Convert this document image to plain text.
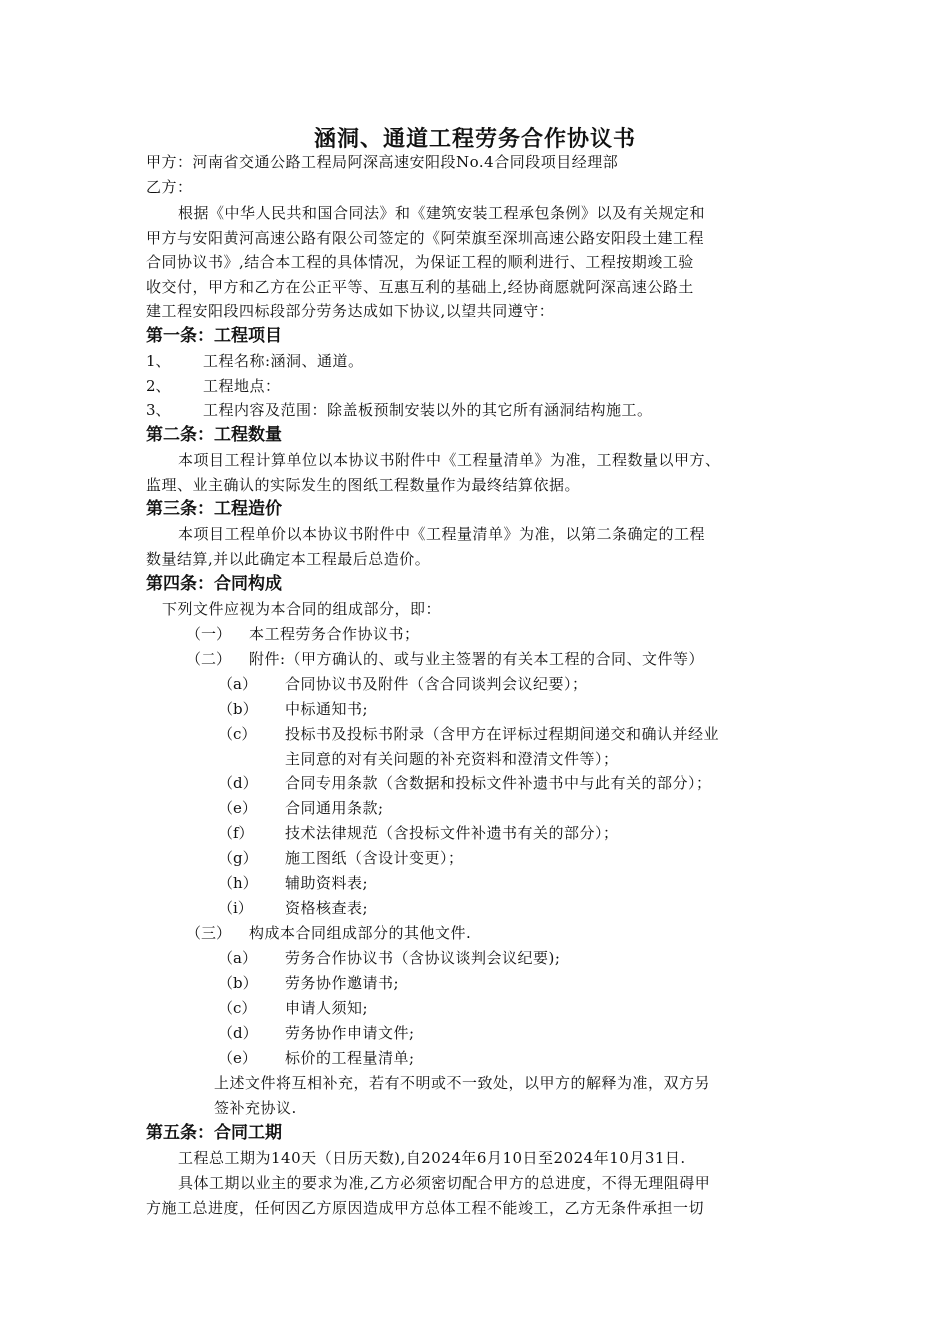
涵洞、通道工程劳务合作协议书
甲方：河南省交通公路工程局阿深高速安阳段No.4合同段项目经理部
乙方：
根据《中华人民共和国合同法》和《建筑安装工程承包条例》以及有关规定和
甲方与安阳黄河高速公路有限公司签定的《阿荣旗至深圳高速公路安阳段土建工程
合同协议书》,结合本工程的具体情况，为保证工程的顺利进行、工程按期竣工验
收交付，甲方和乙方在公正平等、互惠互利的基础上,经协商愿就阿深高速公路土
建工程安阳段四标段部分劳务达成如下协议,以望共同遵守：
第一条：工程项目
1、 工程名称:涵洞、通道。
2、 工程地点：
3、 工程内容及范围：除盖板预制安装以外的其它所有涵洞结构施工。
第二条：工程数量
本项目工程计算单位以本协议书附件中《工程量清单》为准，工程数量以甲方、
监理、业主确认的实际发生的图纸工程数量作为最终结算依据。
第三条：工程造价
本项目工程单价以本协议书附件中《工程量清单》为准，以第二条确定的工程
数量结算,并以此确定本工程最后总造价。
第四条：合同构成
下列文件应视为本合同的组成部分，即：
（一） 本工程劳务合作协议书；
（二） 附件:（甲方确认的、或与业主签署的有关本工程的合同、文件等）
（a） 合同协议书及附件（含合同谈判会议纪要）；
（b） 中标通知书;
（c） 投标书及投标书附录（含甲方在评标过程期间递交和确认并经业
主同意的对有关问题的补充资料和澄清文件等）；
（d） 合同专用条款（含数据和投标文件补遗书中与此有关的部分）；
（e） 合同通用条款;
（f） 技术法律规范（含投标文件补遗书有关的部分）；
（g） 施工图纸（含设计变更）；
（h） 辅助资料表;
（i） 资格核查表;
（三） 构成本合同组成部分的其他文件.
（a） 劳务合作协议书（含协议谈判会议纪要);
（b） 劳务协作邀请书;
（c） 申请人须知;
（d） 劳务协作申请文件;
（e） 标价的工程量清单;
上述文件将互相补充，若有不明或不一致处，以甲方的解释为准，双方另
签补充协议.
第五条：合同工期
工程总工期为140天（日历天数),自2024年6月10日至2024年10月31日.
具体工期以业主的要求为准,乙方必须密切配合甲方的总进度，不得无理阻碍甲
方施工总进度，任何因乙方原因造成甲方总体工程不能竣工，乙方无条件承担一切
